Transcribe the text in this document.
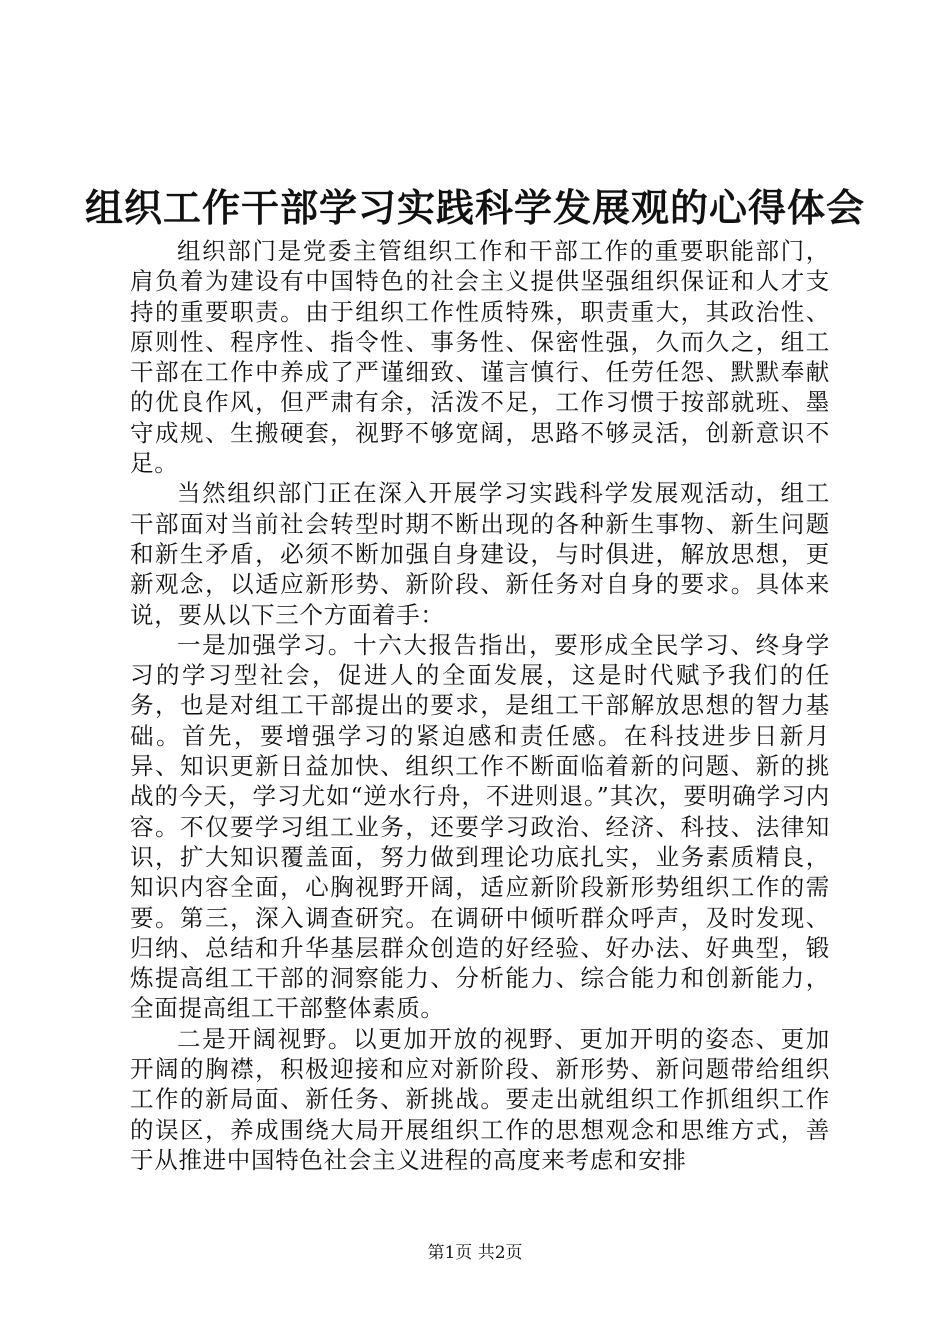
组织工作干部学习实践科学发展观的心得体会

组织部门是党委主管组织工作和干部工作的重要职能部门，肩负着为建设有中国特色的社会主义提供坚强组织保证和人才支持的重要职责。由于组织工作性质特殊，职责重大，其政治性、原则性、程序性、指令性、事务性、保密性强，久而久之，组工干部在工作中养成了严谨细致、谨言慎行、任劳任怨、默默奉献的优良作风，但严肃有余，活泼不足，工作习惯于按部就班、墨守成规、生搬硬套，视野不够宽阔，思路不够灵活，创新意识不足。

当然组织部门正在深入开展学习实践科学发展观活动，组工干部面对当前社会转型时期不断出现的各种新生事物、新生问题和新生矛盾，必须不断加强自身建设，与时俱进，解放思想，更新观念，以适应新形势、新阶段、新任务对自身的要求。具体来说，要从以下三个方面着手：

一是加强学习。十六大报告指出，要形成全民学习、终身学习的学习型社会，促进人的全面发展，这是时代赋予我们的任务，也是对组工干部提出的要求，是组工干部解放思想的智力基础。首先，要增强学习的紧迫感和责任感。在科技进步日新月异、知识更新日益加快、组织工作不断面临着新的问题、新的挑战的今天，学习尤如“逆水行舟，不进则退。”其次，要明确学习内容。不仅要学习组工业务，还要学习政治、经济、科技、法律知识，扩大知识覆盖面，努力做到理论功底扎实，业务素质精良，知识内容全面，心胸视野开阔，适应新阶段新形势组织工作的需要。第三，深入调查研究。在调研中倾听群众呼声，及时发现、归纳、总结和升华基层群众创造的好经验、好办法、好典型，锻炼提高组工干部的洞察能力、分析能力、综合能力和创新能力，全面提高组工干部整体素质。

二是开阔视野。以更加开放的视野、更加开明的姿态、更加开阔的胸襟，积极迎接和应对新阶段、新形势、新问题带给组织工作的新局面、新任务、新挑战。要走出就组织工作抓组织工作的误区，养成围绕大局开展组织工作的思想观念和思维方式，善于从推进中国特色社会主义进程的高度来考虑和安排

第1页 共2页
